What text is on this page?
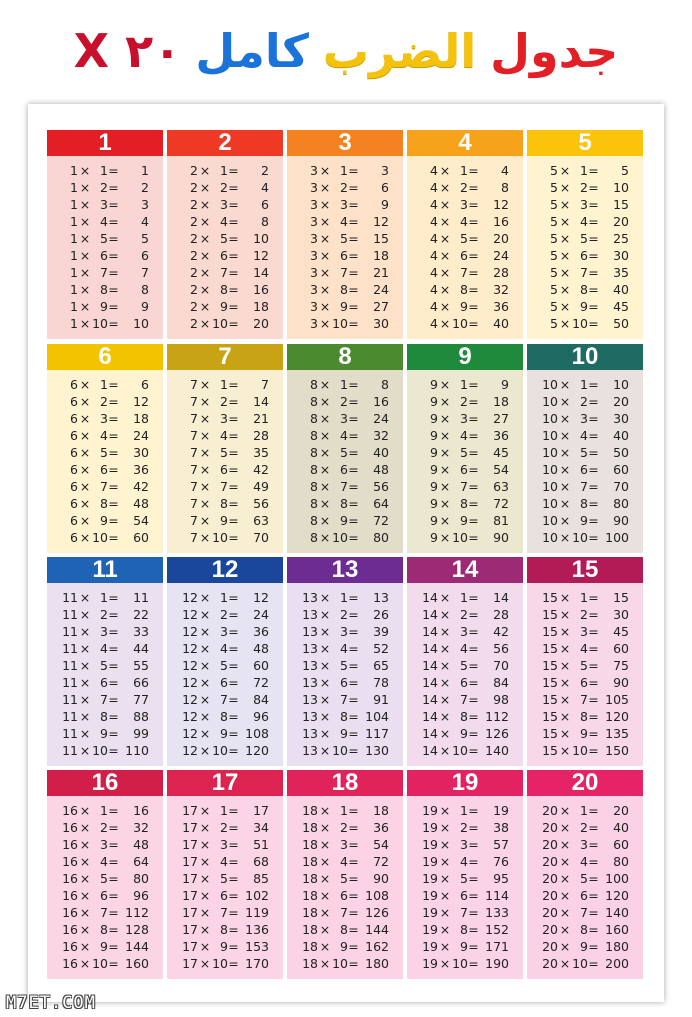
جدول
الضرب
كامل
X ٢٠
1
1 × 1 =	1
1 × 2 =	2
1 × 3 =	3
1 × 4 =	4
1 × 5 =	5
1 × 6 =	6
1 × 7 =	7
1 × 8 =	8
1 × 9 =	9
1 × 10 =	10
2
2 × 1 =	2
2 × 2 =	4
2 × 3 =	6
2 × 4 =	8
2 × 5 =	10
2 × 6 =	12
2 × 7 =	14
2 × 8 =	16
2 × 9 =	18
2 × 10 =	20
3
3 × 1 =	3
3 × 2 =	6
3 × 3 =	9
3 × 4 =	12
3 × 5 =	15
3 × 6 =	18
3 × 7 =	21
3 × 8 =	24
3 × 9 =	27
3 × 10 =	30
4
4 × 1 =	4
4 × 2 =	8
4 × 3 =	12
4 × 4 =	16
4 × 5 =	20
4 × 6 =	24
4 × 7 =	28
4 × 8 =	32
4 × 9 =	36
4 × 10 =	40
5
5 × 1 =	5
5 × 2 =	10
5 × 3 =	15
5 × 4 =	20
5 × 5 =	25
5 × 6 =	30
5 × 7 =	35
5 × 8 =	40
5 × 9 =	45
5 × 10 =	50
6
6 × 1 =	6
6 × 2 =	12
6 × 3 =	18
6 × 4 =	24
6 × 5 =	30
6 × 6 =	36
6 × 7 =	42
6 × 8 =	48
6 × 9 =	54
6 × 10 =	60
7
7 × 1 =	7
7 × 2 =	14
7 × 3 =	21
7 × 4 =	28
7 × 5 =	35
7 × 6 =	42
7 × 7 =	49
7 × 8 =	56
7 × 9 =	63
7 × 10 =	70
8
8 × 1 =	8
8 × 2 =	16
8 × 3 =	24
8 × 4 =	32
8 × 5 =	40
8 × 6 =	48
8 × 7 =	56
8 × 8 =	64
8 × 9 =	72
8 × 10 =	80
9
9 × 1 =	9
9 × 2 =	18
9 × 3 =	27
9 × 4 =	36
9 × 5 =	45
9 × 6 =	54
9 × 7 =	63
9 × 8 =	72
9 × 9 =	81
9 × 10 =	90
10
10 × 1 =	10
10 × 2 =	20
10 × 3 =	30
10 × 4 =	40
10 × 5 =	50
10 × 6 =	60
10 × 7 =	70
10 × 8 =	80
10 × 9 =	90
10 × 10 = 100
11
11 × 1 =	11
11 × 2 =	22
11 × 3 =	33
11 × 4 =	44
11 × 5 =	55
11 × 6 =	66
11 × 7 =	77
11 × 8 =	88
11 × 9 =	99
11 × 10 = 110
12
12 × 1 =	12
12 × 2 =	24
12 × 3 =	36
12 × 4 =	48
12 × 5 =	60
12 × 6 =	72
12 × 7 =	84
12 × 8 =	96
12 × 9 = 108
12 × 10 = 120
13
13 × 1 =	13
13 × 2 =	26
13 × 3 =	39
13 × 4 =	52
13 × 5 =	65
13 × 6 =	78
13 × 7 =	91
13 × 8 = 104
13 × 9 = 117
13 × 10 = 130
14
14 × 1 =	14
14 × 2 =	28
14 × 3 =	42
14 × 4 =	56
14 × 5 =	70
14 × 6 =	84
14 × 7 =	98
14 × 8 = 112
14 × 9 = 126
14 × 10 = 140
15
15 × 1 =	15
15 × 2 =	30
15 × 3 =	45
15 × 4 =	60
15 × 5 =	75
15 × 6 =	90
15 × 7 = 105
15 × 8 = 120
15 × 9 = 135
15 × 10 = 150
16
16 × 1 =	16
16 × 2 =	32
16 × 3 =	48
16 × 4 =	64
16 × 5 =	80
16 × 6 =	96
16 × 7 = 112
16 × 8 = 128
16 × 9 = 144
16 × 10 = 160
17
17 × 1 =	17
17 × 2 =	34
17 × 3 =	51
17 × 4 =	68
17 × 5 =	85
17 × 6 = 102
17 × 7 = 119
17 × 8 = 136
17 × 9 = 153
17 × 10 = 170
18
18 × 1 =	18
18 × 2 =	36
18 × 3 =	54
18 × 4 =	72
18 × 5 =	90
18 × 6 = 108
18 × 7 = 126
18 × 8 = 144
18 × 9 = 162
18 × 10 = 180
19
19 × 1 =	19
19 × 2 =	38
19 × 3 =	57
19 × 4 =	76
19 × 5 =	95
19 × 6 = 114
19 × 7 = 133
19 × 8 = 152
19 × 9 = 171
19 × 10 = 190
20
20 × 1 =	20
20 × 2 =	40
20 × 3 =	60
20 × 4 =	80
20 × 5 = 100
20 × 6 = 120
20 × 7 = 140
20 × 8 = 160
20 × 9 = 180
20 × 10 = 200
M7ET.COM
